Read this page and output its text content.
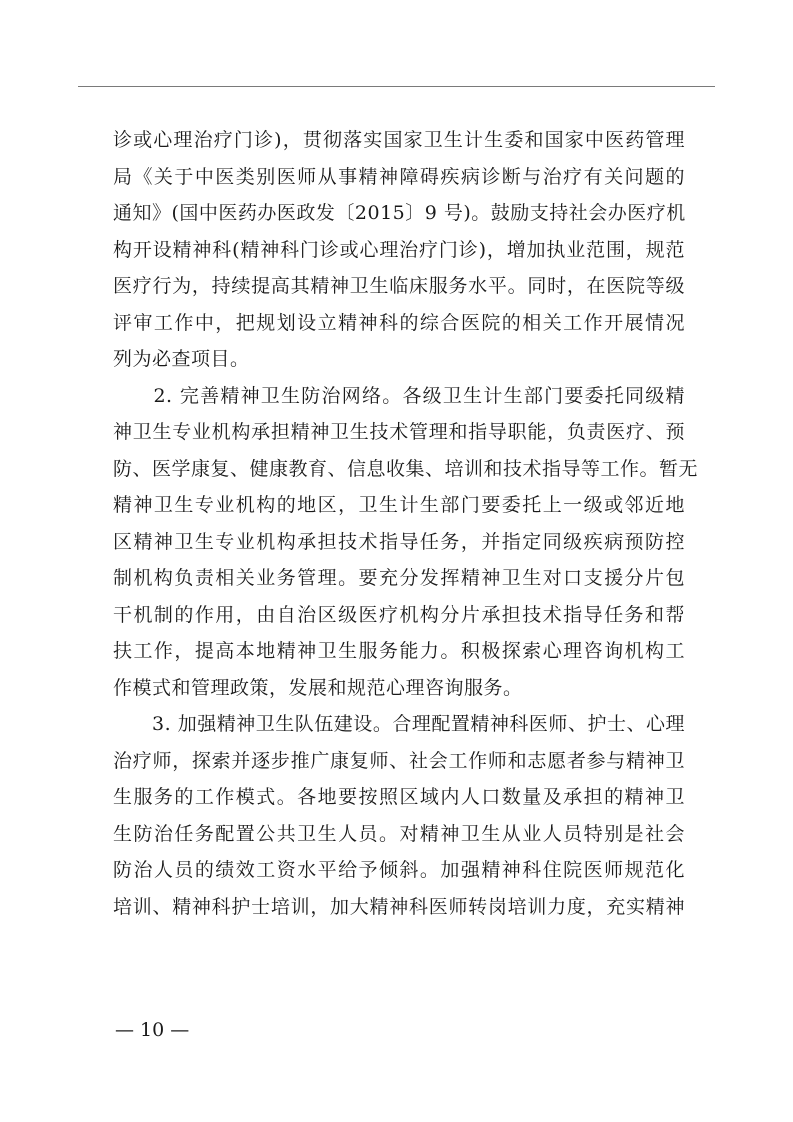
诊或心理治疗门诊)，贯彻落实国家卫生计生委和国家中医药管理
局《关于中医类别医师从事精神障碍疾病诊断与治疗有关问题的
通知》(国中医药办医政发〔2015〕9 号)。鼓励支持社会办医疗机
构开设精神科(精神科门诊或心理治疗门诊)，增加执业范围，规范
医疗行为，持续提高其精神卫生临床服务水平。同时，在医院等级
评审工作中，把规划设立精神科的综合医院的相关工作开展情况
列为必查项目。
　　2. 完善精神卫生防治网络。各级卫生计生部门要委托同级精
神卫生专业机构承担精神卫生技术管理和指导职能，负责医疗、预
防、医学康复、健康教育、信息收集、培训和技术指导等工作。暂无
精神卫生专业机构的地区，卫生计生部门要委托上一级或邻近地
区精神卫生专业机构承担技术指导任务，并指定同级疾病预防控
制机构负责相关业务管理。要充分发挥精神卫生对口支援分片包
干机制的作用，由自治区级医疗机构分片承担技术指导任务和帮
扶工作，提高本地精神卫生服务能力。积极探索心理咨询机构工
作模式和管理政策，发展和规范心理咨询服务。
　　3. 加强精神卫生队伍建设。合理配置精神科医师、护士、心理
治疗师，探索并逐步推广康复师、社会工作师和志愿者参与精神卫
生服务的工作模式。各地要按照区域内人口数量及承担的精神卫
生防治任务配置公共卫生人员。对精神卫生从业人员特别是社会
防治人员的绩效工资水平给予倾斜。加强精神科住院医师规范化
培训、精神科护士培训，加大精神科医师转岗培训力度，充实精神
— 10 —
